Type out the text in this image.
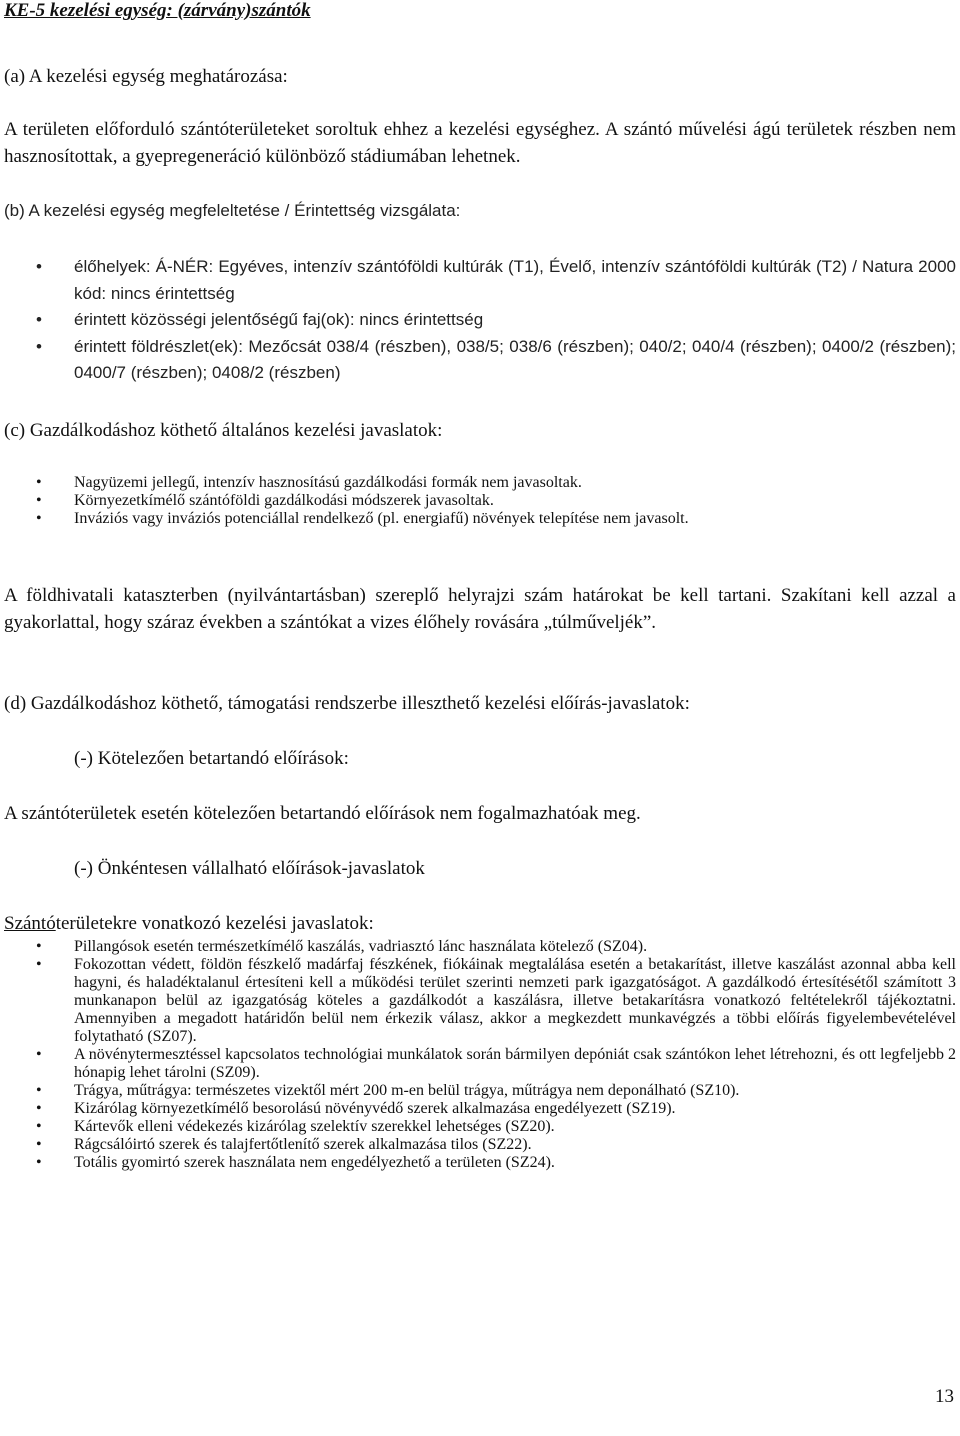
KE-5 kezelési egység: (zárvány)szántók

(a) A kezelési egység meghatározása:

A területen előforduló szántóterületeket soroltuk ehhez a kezelési egységhez. A szántó művelési ágú területek részben nem hasznosítottak, a gyepregeneráció különböző stádiumában lehetnek.

(b) A kezelési egység megfeleltetése / Érintettség vizsgálata:

• élőhelyek: Á-NÉR: Egyéves, intenzív szántóföldi kultúrák (T1), Évelő, intenzív szántóföldi kultúrák (T2) / Natura 2000 kód: nincs érintettség
• érintett közösségi jelentőségű faj(ok): nincs érintettség
• érintett földrészlet(ek): Mezőcsát 038/4 (részben), 038/5; 038/6 (részben); 040/2; 040/4 (részben); 0400/2 (részben); 0400/7 (részben); 0408/2 (részben)

(c) Gazdálkodáshoz köthető általános kezelési javaslatok:

• Nagyüzemi jellegű, intenzív hasznosítású gazdálkodási formák nem javasoltak.
• Környezetkímélő szántóföldi gazdálkodási módszerek javasoltak.
• Inváziós vagy inváziós potenciállal rendelkező (pl. energiafű) növények telepítése nem javasolt.

A földhivatali kataszterben (nyilvántartásban) szereplő helyrajzi szám határokat be kell tartani. Szakítani kell azzal a gyakorlattal, hogy száraz években a szántókat a vizes élőhely rovására „túlműveljék”.

(d) Gazdálkodáshoz köthető, támogatási rendszerbe illeszthető kezelési előírás-javaslatok:

(-) Kötelezően betartandó előírások:

A szántóterületek esetén kötelezően betartandó előírások nem fogalmazhatóak meg.

(-) Önkéntesen vállalható előírások-javaslatok

Szántóterületekre vonatkozó kezelési javaslatok:

• Pillangósok esetén természetkímélő kaszálás, vadriasztó lánc használata kötelező (SZ04).
• Fokozottan védett, földön fészkelő madárfaj fészkének, fiókáinak megtalálása esetén a betakarítást, illetve kaszálást azonnal abba kell hagyni, és haladéktalanul értesíteni kell a működési terület szerinti nemzeti park igazgatóságot. A gazdálkodó értesítésétől számított 3 munkanapon belül az igazgatóság köteles a gazdálkodót a kaszálásra, illetve betakarításra vonatkozó feltételekről tájékoztatni. Amennyiben a megadott határidőn belül nem érkezik válasz, akkor a megkezdett munkavégzés a többi előírás figyelembevételével folytatható (SZ07).
• A növénytermesztéssel kapcsolatos technológiai munkálatok során bármilyen depóniát csak szántókon lehet létrehozni, és ott legfeljebb 2 hónapig lehet tárolni (SZ09).
• Trágya, műtrágya: természetes vizektől mért 200 m-en belül trágya, műtrágya nem deponálható (SZ10).
• Kizárólag környezetkímélő besorolású növényvédő szerek alkalmazása engedélyezett (SZ19).
• Kártevők elleni védekezés kizárólag szelektív szerekkel lehetséges (SZ20).
• Rágcsálóirtó szerek és talajfertőtlenítő szerek alkalmazása tilos (SZ22).
• Totális gyomirtó szerek használata nem engedélyezhető a területen (SZ24).
13
